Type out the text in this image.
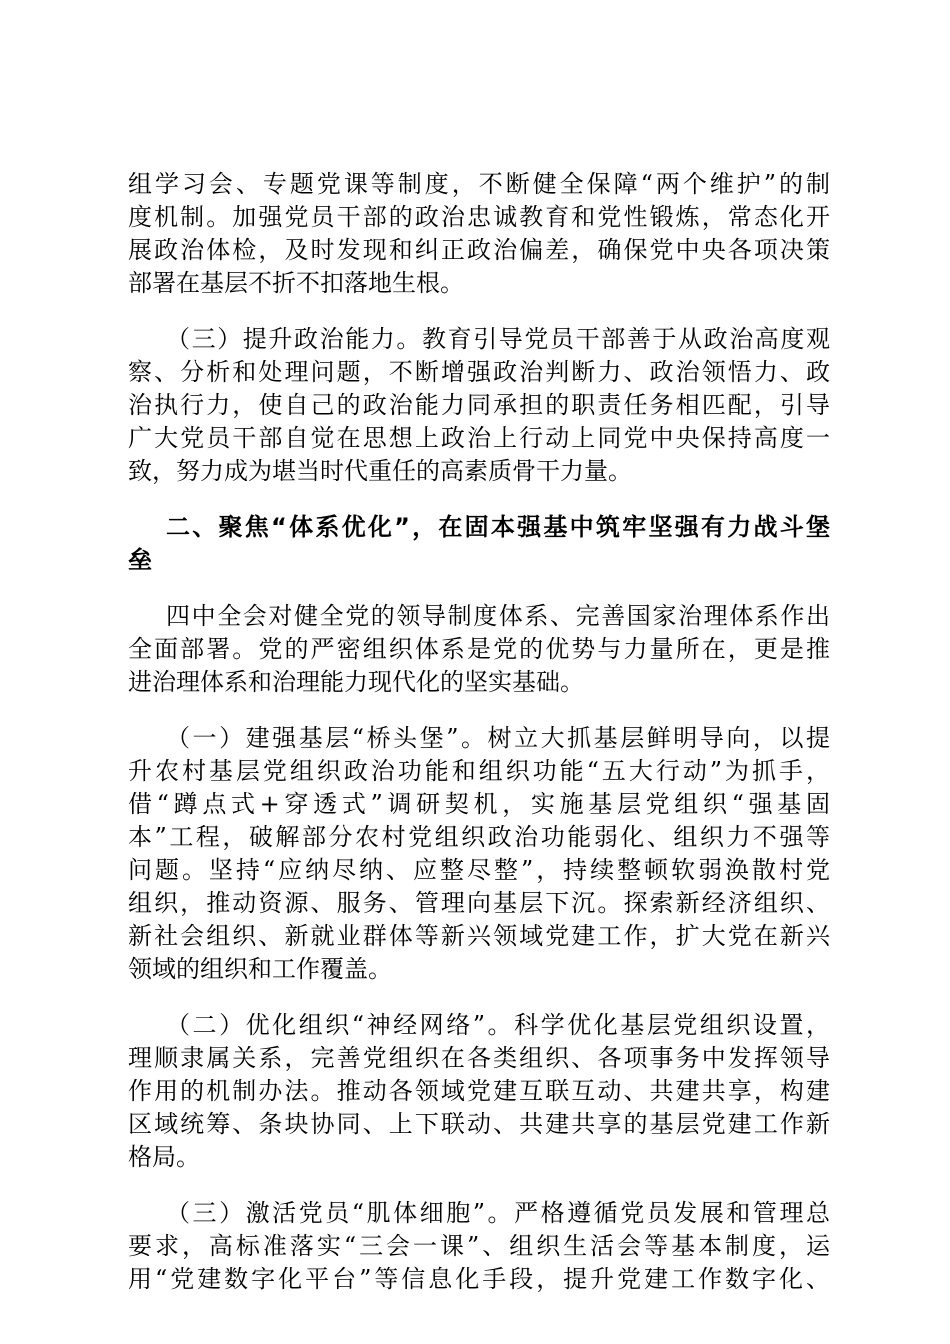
组学习会、专题党课等制度，不断健全保障“两个维护”的制
度机制。加强党员干部的政治忠诚教育和党性锻炼，常态化开
展政治体检，及时发现和纠正政治偏差，确保党中央各项决策
部署在基层不折不扣落地生根。
（三）提升政治能力。教育引导党员干部善于从政治高度观
察、分析和处理问题，不断增强政治判断力、政治领悟力、政
治执行力，使自己的政治能力同承担的职责任务相匹配，引导
广大党员干部自觉在思想上政治上行动上同党中央保持高度一
致，努力成为堪当时代重任的高素质骨干力量。
二、聚焦“体系优化”，在固本强基中筑牢坚强有力战斗堡
垒
四中全会对健全党的领导制度体系、完善国家治理体系作出
全面部署。党的严密组织体系是党的优势与力量所在，更是推
进治理体系和治理能力现代化的坚实基础。
（一）建强基层“桥头堡”。树立大抓基层鲜明导向，以提
升农村基层党组织政治功能和组织功能“五大行动”为抓手，
借“蹲点式+穿透式”调研契机，实施基层党组织“强基固
本”工程，破解部分农村党组织政治功能弱化、组织力不强等
问题。坚持“应纳尽纳、应整尽整”，持续整顿软弱涣散村党
组织，推动资源、服务、管理向基层下沉。探索新经济组织、
新社会组织、新就业群体等新兴领域党建工作，扩大党在新兴
领域的组织和工作覆盖。
（二）优化组织“神经网络”。科学优化基层党组织设置，
理顺隶属关系，完善党组织在各类组织、各项事务中发挥领导
作用的机制办法。推动各领域党建互联互动、共建共享，构建
区域统筹、条块协同、上下联动、共建共享的基层党建工作新
格局。
（三）激活党员“肌体细胞”。严格遵循党员发展和管理总
要求，高标准落实“三会一课”、组织生活会等基本制度，运
用“党建数字化平台”等信息化手段，提升党建工作数字化、
